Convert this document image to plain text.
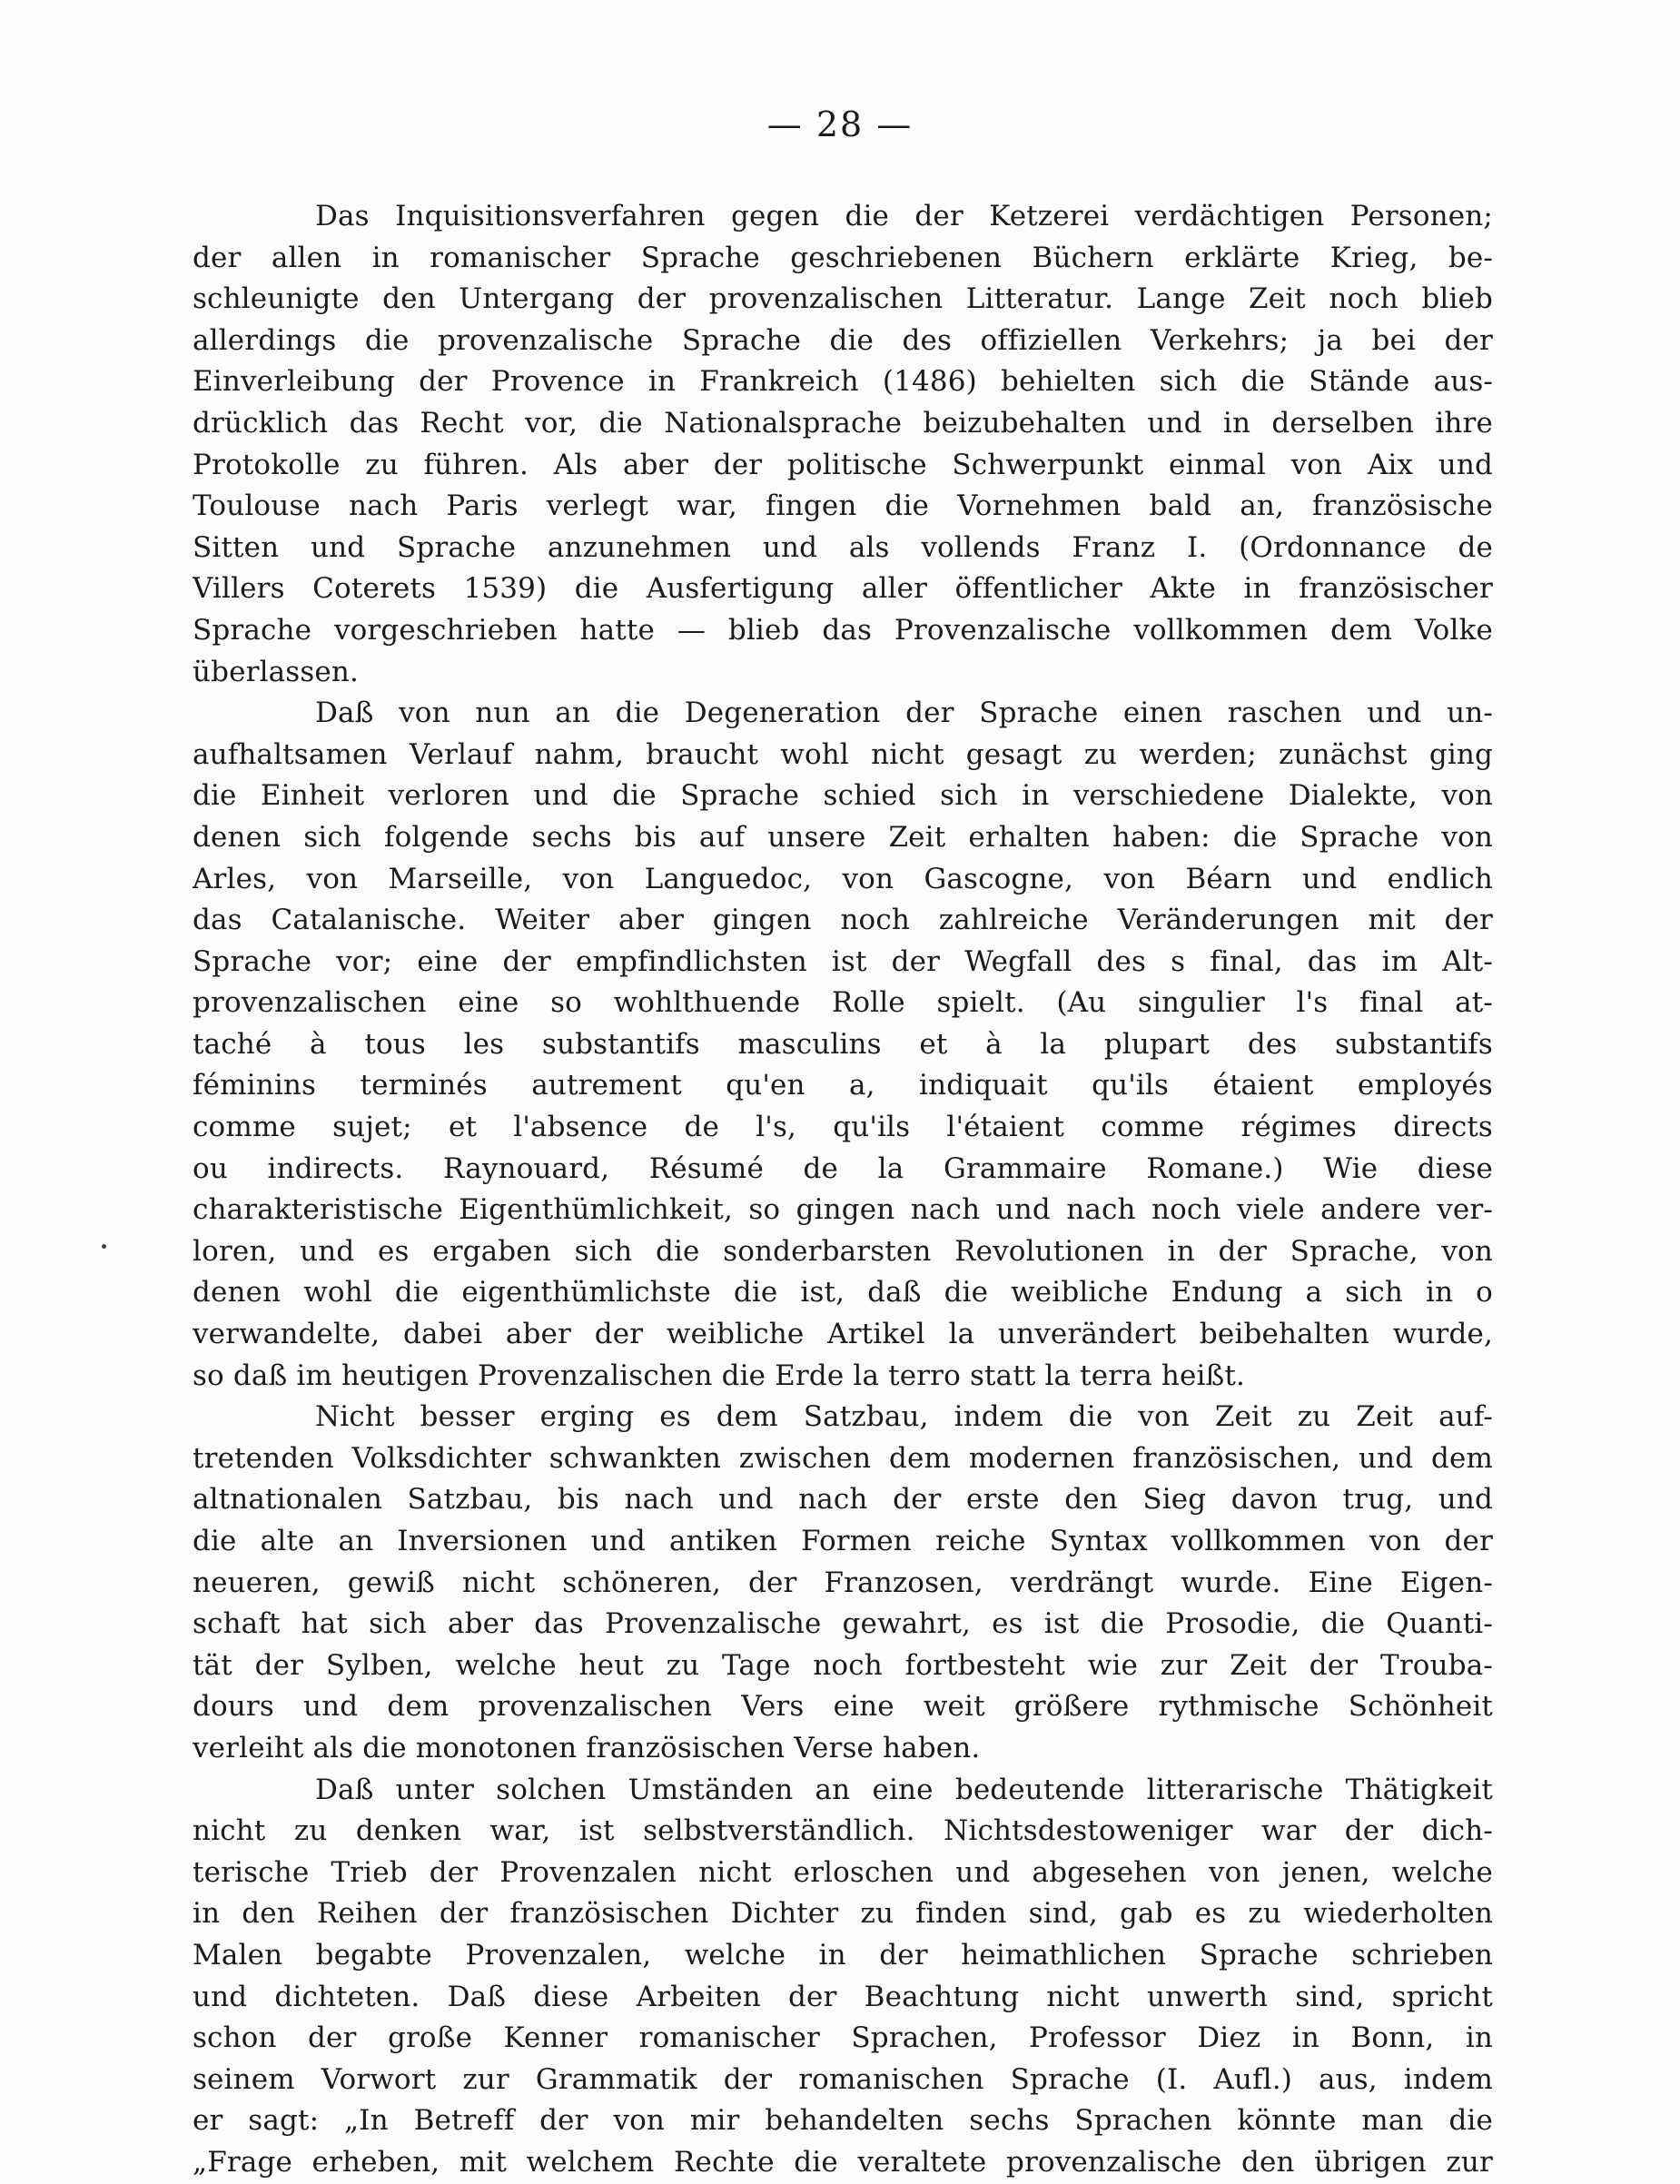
— 28 —
Das Inquisitionsverfahren gegen die der Ketzerei verdächtigen Personen;
der allen in romanischer Sprache geschriebenen Büchern erklärte Krieg, be-
schleunigte den Untergang der provenzalischen Litteratur. Lange Zeit noch blieb
allerdings die provenzalische Sprache die des offiziellen Verkehrs; ja bei der
Einverleibung der Provence in Frankreich (1486) behielten sich die Stände aus-
drücklich das Recht vor, die Nationalsprache beizubehalten und in derselben ihre
Protokolle zu führen. Als aber der politische Schwerpunkt einmal von Aix und
Toulouse nach Paris verlegt war, fingen die Vornehmen bald an, französische
Sitten und Sprache anzunehmen und als vollends Franz I. (Ordonnance de
Villers Coterets 1539) die Ausfertigung aller öffentlicher Akte in französischer
Sprache vorgeschrieben hatte — blieb das Provenzalische vollkommen dem Volke
überlassen.
Daß von nun an die Degeneration der Sprache einen raschen und un-
aufhaltsamen Verlauf nahm, braucht wohl nicht gesagt zu werden; zunächst ging
die Einheit verloren und die Sprache schied sich in verschiedene Dialekte, von
denen sich folgende sechs bis auf unsere Zeit erhalten haben: die Sprache von
Arles, von Marseille, von Languedoc, von Gascogne, von Béarn und endlich
das Catalanische. Weiter aber gingen noch zahlreiche Veränderungen mit der
Sprache vor; eine der empfindlichsten ist der Wegfall des s final, das im Alt-
provenzalischen eine so wohlthuende Rolle spielt. (Au singulier l's final at-
taché à tous les substantifs masculins et à la plupart des substantifs
féminins terminés autrement qu'en a, indiquait qu'ils étaient employés
comme sujet; et l'absence de l's, qu'ils l'étaient comme régimes directs
ou indirects. Raynouard, Résumé de la Grammaire Romane.) Wie diese
charakteristische Eigenthümlichkeit, so gingen nach und nach noch viele andere ver-
loren, und es ergaben sich die sonderbarsten Revolutionen in der Sprache, von
denen wohl die eigenthümlichste die ist, daß die weibliche Endung a sich in o
verwandelte, dabei aber der weibliche Artikel la unverändert beibehalten wurde,
so daß im heutigen Provenzalischen die Erde la terro statt la terra heißt.
Nicht besser erging es dem Satzbau, indem die von Zeit zu Zeit auf-
tretenden Volksdichter schwankten zwischen dem modernen französischen, und dem
altnationalen Satzbau, bis nach und nach der erste den Sieg davon trug, und
die alte an Inversionen und antiken Formen reiche Syntax vollkommen von der
neueren, gewiß nicht schöneren, der Franzosen, verdrängt wurde. Eine Eigen-
schaft hat sich aber das Provenzalische gewahrt, es ist die Prosodie, die Quanti-
tät der Sylben, welche heut zu Tage noch fortbesteht wie zur Zeit der Trouba-
dours und dem provenzalischen Vers eine weit größere rythmische Schönheit
verleiht als die monotonen französischen Verse haben.
Daß unter solchen Umständen an eine bedeutende litterarische Thätigkeit
nicht zu denken war, ist selbstverständlich. Nichtsdestoweniger war der dich-
terische Trieb der Provenzalen nicht erloschen und abgesehen von jenen, welche
in den Reihen der französischen Dichter zu finden sind, gab es zu wiederholten
Malen begabte Provenzalen, welche in der heimathlichen Sprache schrieben
und dichteten. Daß diese Arbeiten der Beachtung nicht unwerth sind, spricht
schon der große Kenner romanischer Sprachen, Professor Diez in Bonn, in
seinem Vorwort zur Grammatik der romanischen Sprache (I. Aufl.) aus, indem
er sagt: „In Betreff der von mir behandelten sechs Sprachen könnte man die
„Frage erheben, mit welchem Rechte die veraltete provenzalische den übrigen zur
